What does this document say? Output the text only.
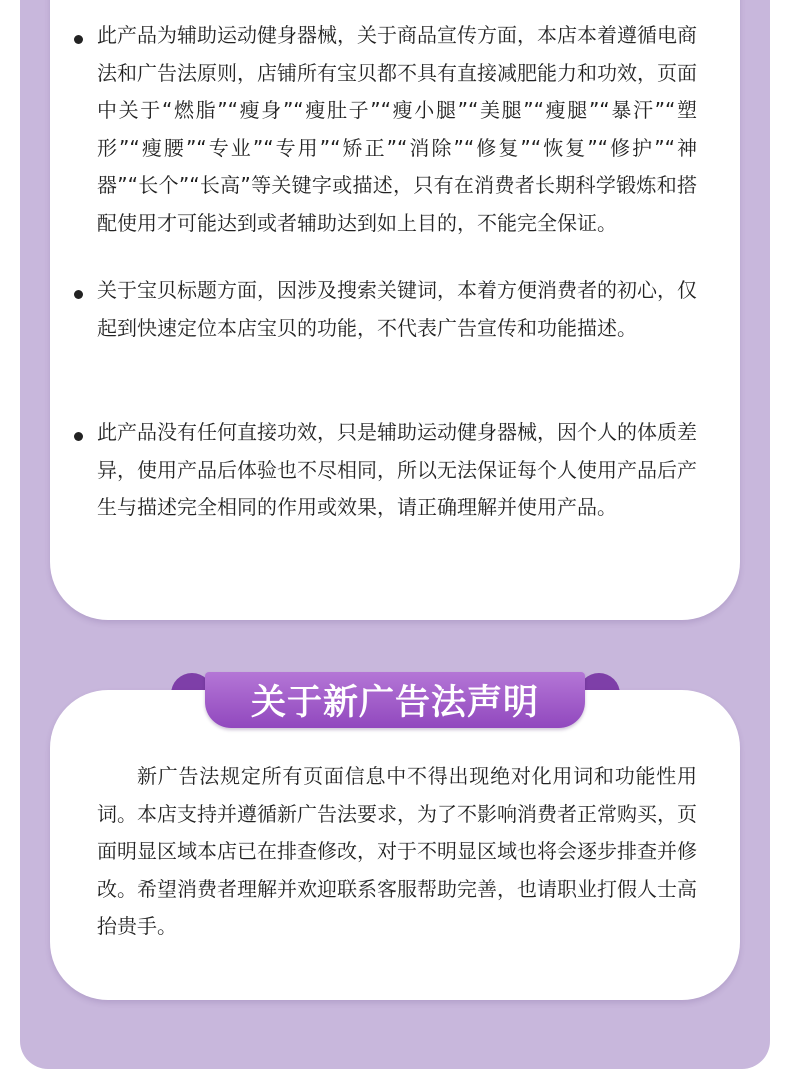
此产品为辅助运动健身器械，关于商品宣传方面，本店本着遵循电商法和广告法原则，店铺所有宝贝都不具有直接减肥能力和功效，页面中关于“燃脂”“瘦身”“瘦肚子”“瘦小腿”“美腿”“瘦腿”“暴汗”“塑形”“瘦腰”“专业”“专用”“矫正”“消除”“修复”“恢复”“修护”“神器”“长个”“长高”等关键字或描述，只有在消费者长期科学锻炼和搭配使用才可能达到或者辅助达到如上目的，不能完全保证。
关于宝贝标题方面，因涉及搜索关键词，本着方便消费者的初心，仅起到快速定位本店宝贝的功能，不代表广告宣传和功能描述。
此产品没有任何直接功效，只是辅助运动健身器械，因个人的体质差异，使用产品后体验也不尽相同，所以无法保证每个人使用产品后产生与描述完全相同的作用或效果，请正确理解并使用产品。

新广告法规定所有页面信息中不得出现绝对化用词和功能性用词。本店支持并遵循新广告法要求，为了不影响消费者正常购买，页面明显区域本店已在排查修改，对于不明显区域也将会逐步排查并修改。希望消费者理解并欢迎联系客服帮助完善，也请职业打假人士高抬贵手。

关于新广告法声明
